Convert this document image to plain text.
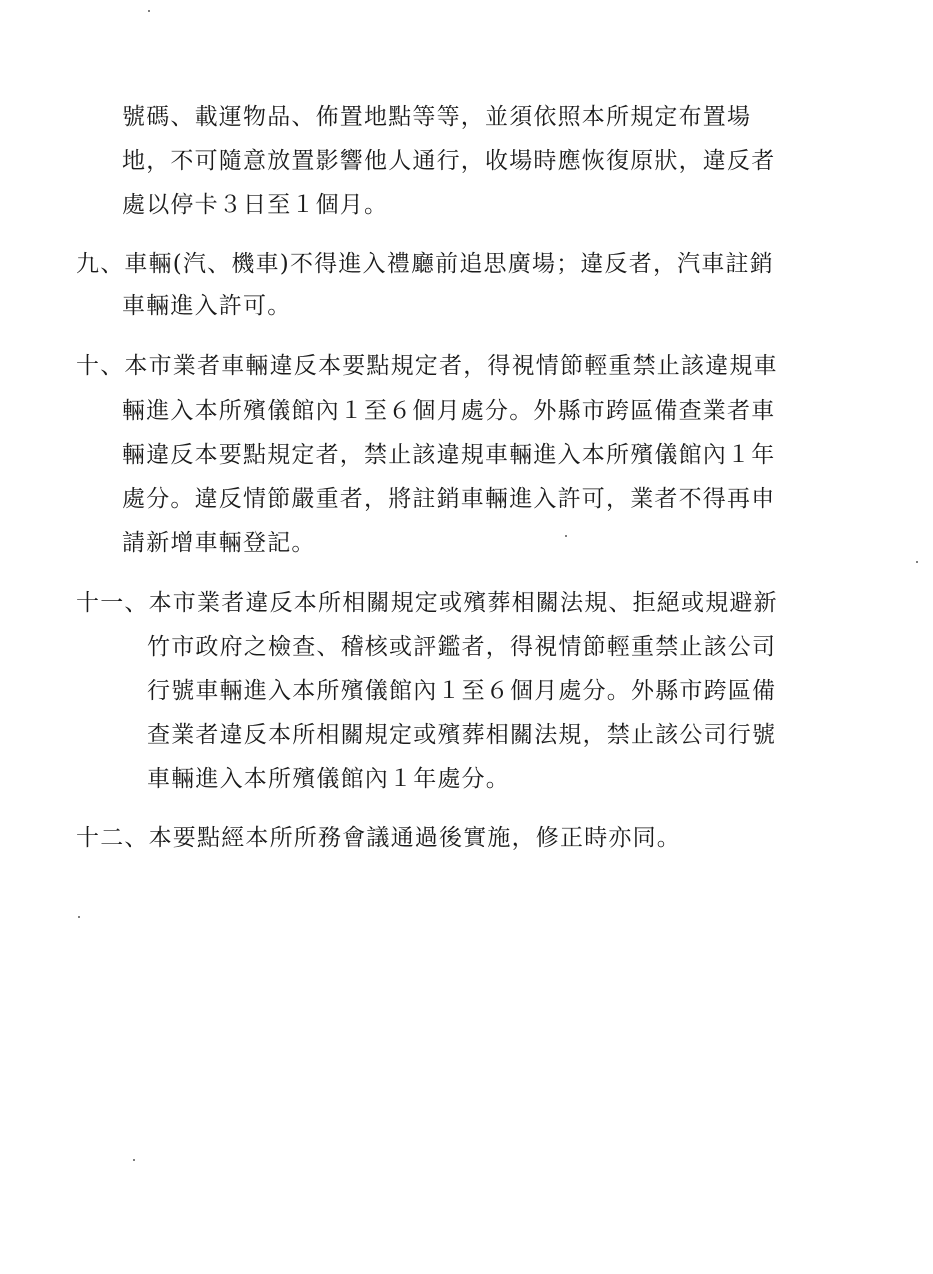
號碼、載運物品、佈置地點等等，並須依照本所規定布置場
地，不可隨意放置影響他人通行，收場時應恢復原狀，違反者
處以停卡３日至１個月。
九、車輛(汽、機車)不得進入禮廳前追思廣場；違反者，汽車註銷
車輛進入許可。
十、本市業者車輛違反本要點規定者，得視情節輕重禁止該違規車
輛進入本所殯儀館內１至６個月處分。外縣市跨區備查業者車
輛違反本要點規定者，禁止該違規車輛進入本所殯儀館內１年
處分。違反情節嚴重者，將註銷車輛進入許可，業者不得再申
請新增車輛登記。
十一、本市業者違反本所相關規定或殯葬相關法規、拒絕或規避新
竹市政府之檢查、稽核或評鑑者，得視情節輕重禁止該公司
行號車輛進入本所殯儀館內１至６個月處分。外縣市跨區備
查業者違反本所相關規定或殯葬相關法規，禁止該公司行號
車輛進入本所殯儀館內１年處分。
十二、本要點經本所所務會議通過後實施，修正時亦同。
